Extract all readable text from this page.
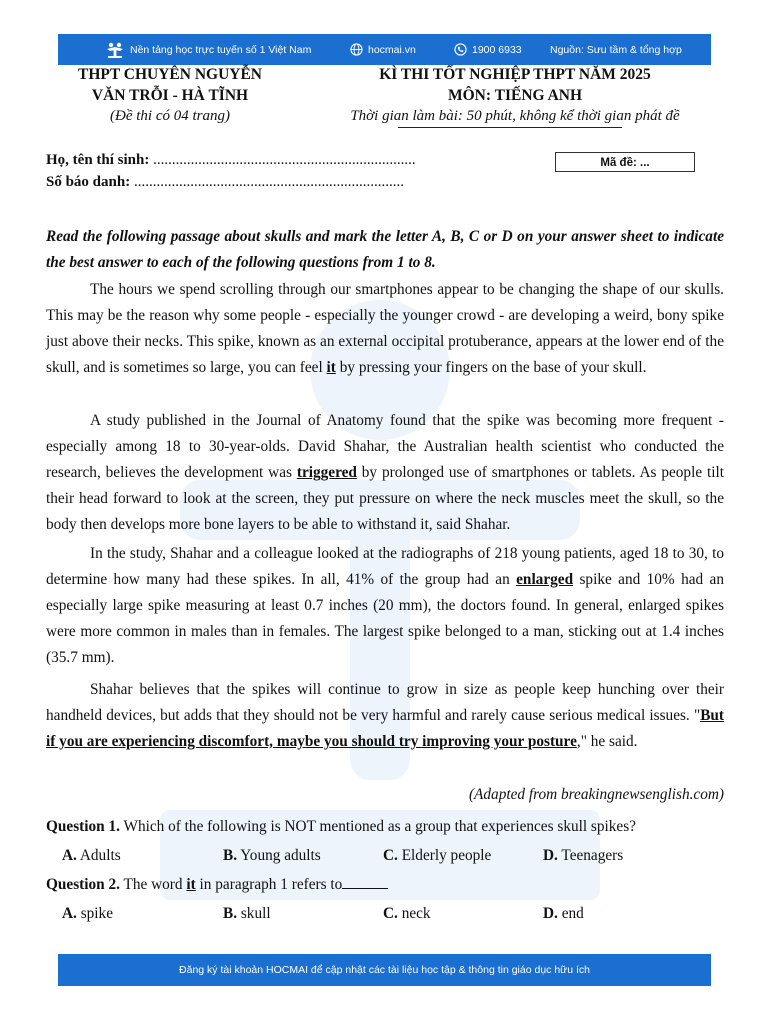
Nền tảng học trực tuyến số 1 Việt Nam	hocmai.vn	1900 6933	Nguồn: Sưu tầm & tổng hợp
THPT CHUYÊN NGUYỄN
VĂN TRỖI - HÀ TĨNH
(Đề thi có 04 trang)
KÌ THI TỐT NGHIỆP THPT NĂM 2025
MÔN: TIẾNG ANH
Thời gian làm bài: 50 phút, không kể thời gian phát đề
Họ, tên thí sinh: ......................................................................
Số báo danh: ........................................................................
Mã đề: ...
Read the following passage about skulls and mark the letter A, B, C or D on your answer sheet to indicate the best answer to each of the following questions from 1 to 8.
The hours we spend scrolling through our smartphones appear to be changing the shape of our skulls. This may be the reason why some people - especially the younger crowd - are developing a weird, bony spike just above their necks. This spike, known as an external occipital protuberance, appears at the lower end of the skull, and is sometimes so large, you can feel it by pressing your fingers on the base of your skull.
A study published in the Journal of Anatomy found that the spike was becoming more frequent - especially among 18 to 30-year-olds. David Shahar, the Australian health scientist who conducted the research, believes the development was triggered by prolonged use of smartphones or tablets. As people tilt their head forward to look at the screen, they put pressure on where the neck muscles meet the skull, so the body then develops more bone layers to be able to withstand it, said Shahar.
In the study, Shahar and a colleague looked at the radiographs of 218 young patients, aged 18 to 30, to determine how many had these spikes. In all, 41% of the group had an enlarged spike and 10% had an especially large spike measuring at least 0.7 inches (20 mm), the doctors found. In general, enlarged spikes were more common in males than in females. The largest spike belonged to a man, sticking out at 1.4 inches (35.7 mm).
Shahar believes that the spikes will continue to grow in size as people keep hunching over their handheld devices, but adds that they should not be very harmful and rarely cause serious medical issues. "But if you are experiencing discomfort, maybe you should try improving your posture," he said.
(Adapted from breakingnewsenglish.com)
Question 1. Which of the following is NOT mentioned as a group that experiences skull spikes?
A. Adults	B. Young adults	C. Elderly people	D. Teenagers
Question 2. The word it in paragraph 1 refers to
A. spike	B. skull	C. neck	D. end
Đăng ký tài khoản HOCMAI để cập nhật các tài liệu học tập & thông tin giáo dục hữu ích
